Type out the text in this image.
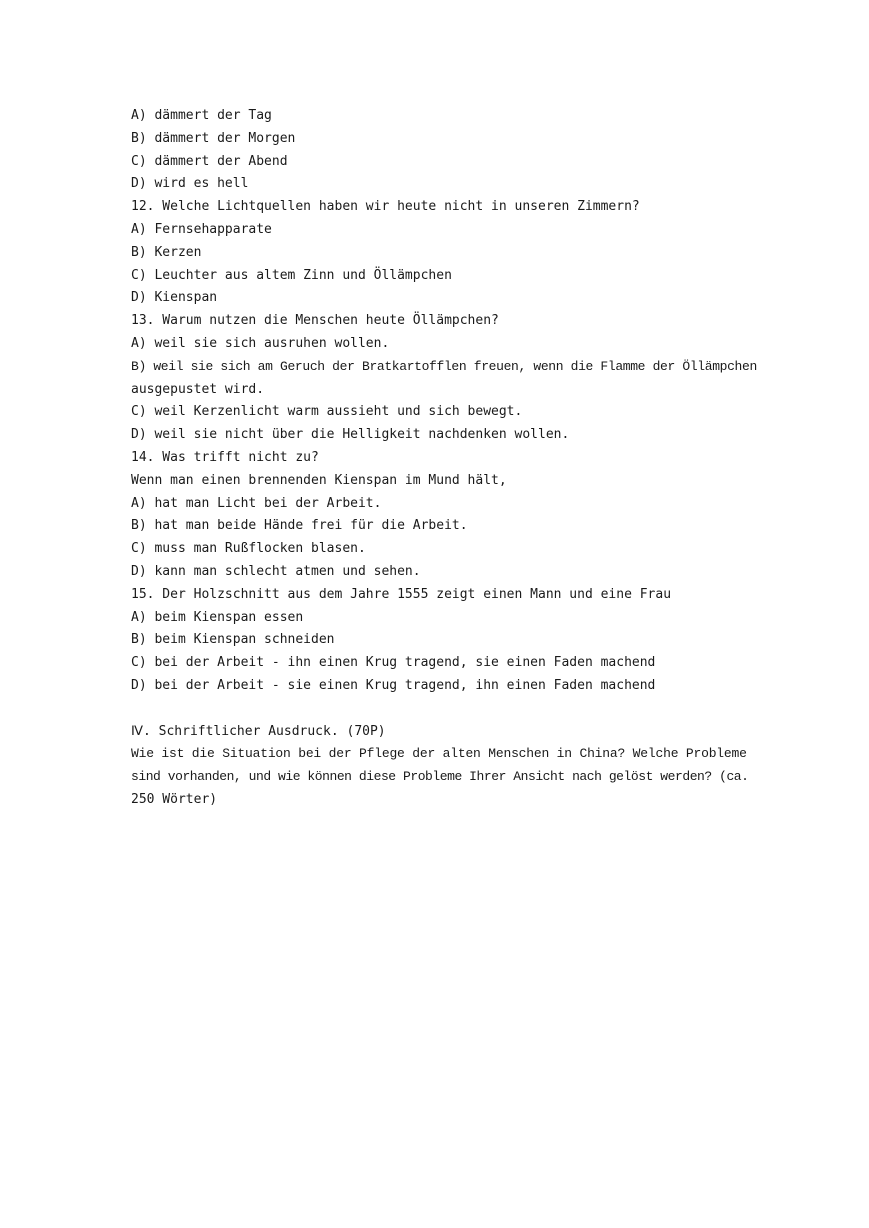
A) dämmert der Tag
B) dämmert der Morgen
C) dämmert der Abend
D) wird es hell
12. Welche Lichtquellen haben wir heute nicht in unseren Zimmern?
A) Fernsehapparate
B) Kerzen
C) Leuchter aus altem Zinn und Öllämpchen
D) Kienspan
13. Warum nutzen die Menschen heute Öllämpchen?
A) weil sie sich ausruhen wollen.
B) weil sie sich am Geruch der Bratkartofflen freuen, wenn die Flamme der Öllämpchen
ausgepustet wird.
C) weil Kerzenlicht warm aussieht und sich bewegt.
D) weil sie nicht über die Helligkeit nachdenken wollen.
14. Was trifft nicht zu?
Wenn man einen brennenden Kienspan im Mund hält,
A) hat man Licht bei der Arbeit.
B) hat man beide Hände frei für die Arbeit.
C) muss man Rußflocken blasen.
D) kann man schlecht atmen und sehen.
15. Der Holzschnitt aus dem Jahre 1555 zeigt einen Mann und eine Frau
A) beim Kienspan essen
B) beim Kienspan schneiden
C) bei der Arbeit - ihn einen Krug tragend, sie einen Faden machend
D) bei der Arbeit - sie einen Krug tragend, ihn einen Faden machend
Ⅳ. Schriftlicher Ausdruck. (70P)
Wie ist die Situation bei der Pflege der alten Menschen in China? Welche Probleme
sind vorhanden, und wie können diese Probleme Ihrer Ansicht nach gelöst werden? (ca.
250 Wörter)
